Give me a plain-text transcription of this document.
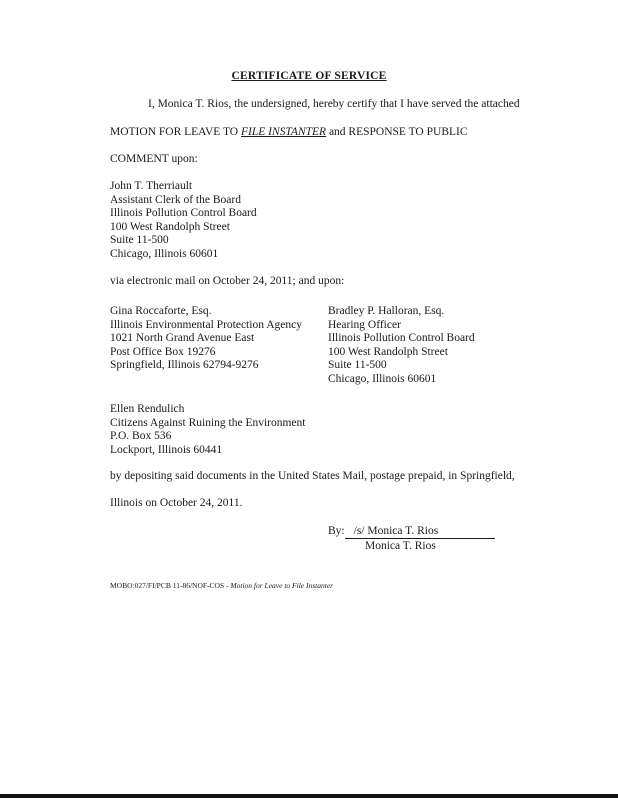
CERTIFICATE OF SERVICE
I, Monica T. Rios, the undersigned, hereby certify that I have served the attached
MOTION FOR LEAVE TO FILE INSTANTER and RESPONSE TO PUBLIC
COMMENT upon:
John T. Therriault
Assistant Clerk of the Board
Illinois Pollution Control Board
100 West Randolph Street
Suite 11-500
Chicago, Illinois 60601
via electronic mail on October 24, 2011; and upon:
Gina Roccaforte, Esq.
Illinois Environmental Protection Agency
1021 North Grand Avenue East
Post Office Box 19276
Springfield, Illinois 62794-9276
Bradley P. Halloran, Esq.
Hearing Officer
Illinois Pollution Control Board
100 West Randolph Street
Suite 11-500
Chicago, Illinois 60601
Ellen Rendulich
Citizens Against Ruining the Environment
P.O. Box 536
Lockport, Illinois 60441
by depositing said documents in the United States Mail, postage prepaid, in Springfield,
Illinois on October 24, 2011.
By: /s/ Monica T. Rios
Monica T. Rios
MOBO:027/FI/PCB 11-86/NOF-COS - Motion for Leave to File Instanter
